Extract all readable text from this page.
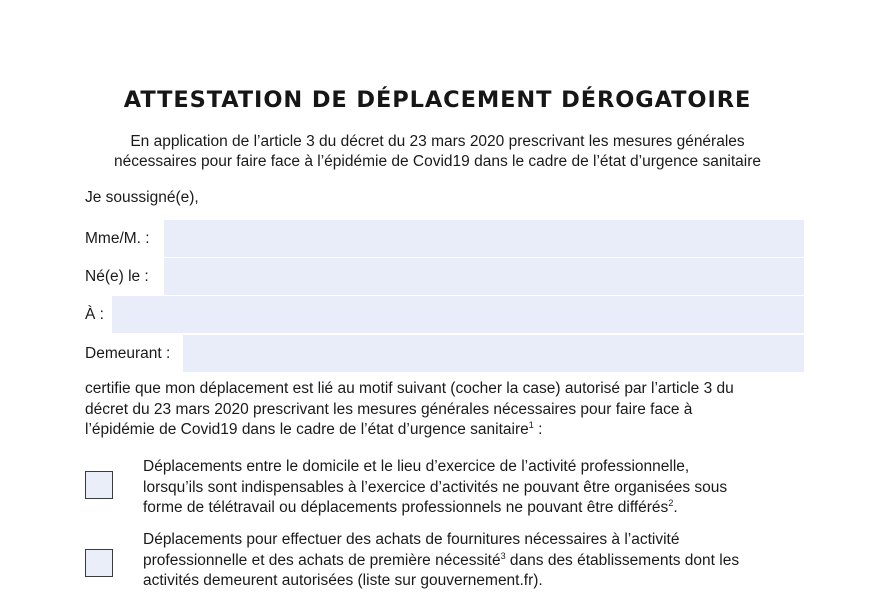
ATTESTATION DE DÉPLACEMENT DÉROGATOIRE

En application de l’article 3 du décret du 23 mars 2020 prescrivant les mesures générales
nécessaires pour faire face à l’épidémie de Covid19 dans le cadre de l’état d’urgence sanitaire

Je soussigné(e),
Mme/M. :
Né(e) le :
À :
Demeurant :
certifie que mon déplacement est lié au motif suivant (cocher la case) autorisé par l’article 3 du
décret du 23 mars 2020 prescrivant les mesures générales nécessaires pour faire face à
l’épidémie de Covid19 dans le cadre de l’état d’urgence sanitaire$^1$ :
Déplacements entre le domicile et le lieu d’exercice de l’activité professionnelle,
lorsqu’ils sont indispensables à l’exercice d’activités ne pouvant être organisées sous
forme de télétravail ou déplacements professionnels ne pouvant être différés$^2$.
Déplacements pour effectuer des achats de fournitures nécessaires à l’activité
professionnelle et des achats de première nécessité$^3$ dans des établissements dont les
activités demeurent autorisées (liste sur gouvernement.fr).
